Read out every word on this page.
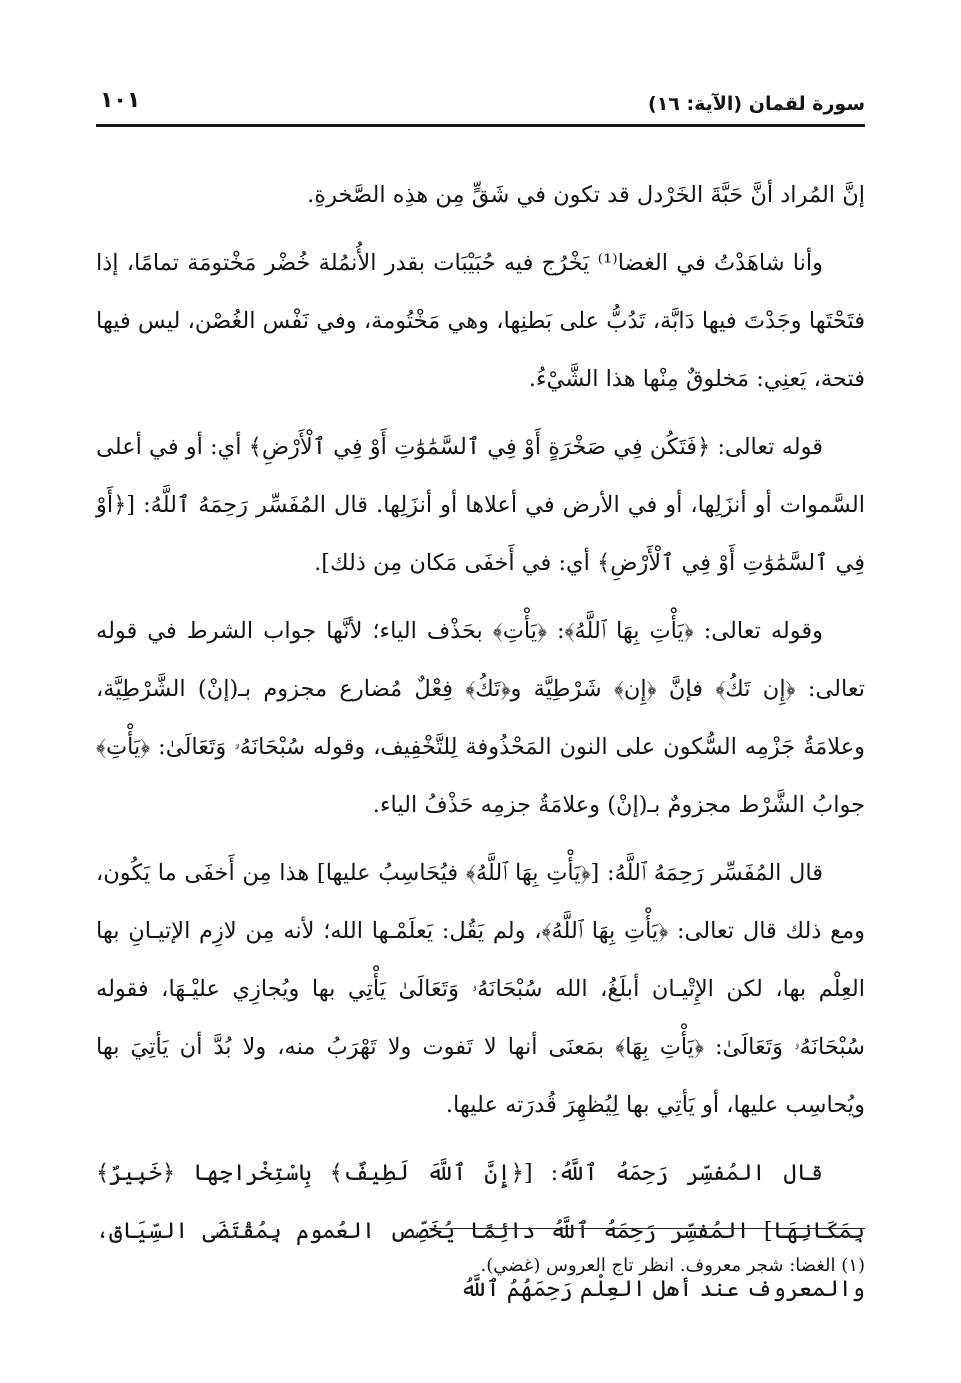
سورة لقمان (الآية: ١٦)
١٠١

إنَّ المُراد أنَّ حَبَّةَ الخَرْدل قد تكون في شَقٍّ مِن هذِه الصَّخرةِ.

وأنا شاهَدْتُ في الغضا⁽¹⁾ يَخْرُج فيه حُبَيْبَات بقدر الأُنمُلة خُضْر مَخْتومَة تمامًا، إذا فتَحْتَها وجَدْتَ فيها دَابَّة، تَدُبُّ على بَطنِها، وهي مَخْتُومة، وفي نَفْس الغُصْن، ليس فيها فتحة، يَعنِي: مَخلوقٌ مِنْها هذا الشَّيْءُ.

قوله تعالى: ﴿فَتَكُن فِي صَخْرَةٍ أَوْ فِي ٱلسَّمَٰوَٰتِ أَوْ فِي ٱلْأَرْضِ﴾ أي: أو في أعلى السَّموات أو أنزَلِها، أو في الأرض في أعلاها أو أنزَلِها. قال المُفَسِّر رَحِمَهُ ٱللَّهُ: [﴿أَوْ فِي ٱلسَّمَٰوَٰتِ أَوْ فِي ٱلْأَرْضِ﴾ أي: في أَخفَى مَكان مِن ذلك].

وقوله تعالى: ﴿يَأْتِ بِهَا ٱللَّهُ﴾: ﴿يَأْتِ﴾ بحَذْف الياء؛ لأنَّها جواب الشرط في قوله تعالى: ﴿إِن تَكُ﴾ فإنَّ ﴿إِن﴾ شَرْطِيَّة و﴿تَكُ﴾ فِعْلٌ مُضارع مجزوم بـ(إنْ) الشَّرْطِيَّة، وعلامَةُ جَزْمِه السُّكون على النون المَحْذُوفة لِلتَّخْفِيف، وقوله سُبْحَانَهُۥ وَتَعَالَىٰ: ﴿يَأْتِ﴾ جوابُ الشَّرْط مجزومٌ بـ(إنْ) وعلامَةُ جزمِه حَذْفُ الياء.

قال المُفَسِّر رَحِمَهُ ٱللَّهُ: [﴿يَأْتِ بِهَا ٱللَّهُ﴾ فيُحَاسِبُ عليها] هذا مِن أَخفَى ما يَكُون، ومع ذلك قال تعالى: ﴿يَأْتِ بِهَا ٱللَّهُ﴾، ولم يَقُل: يَعلَمْـها الله؛ لأنه مِن لازِم الإتيـانِ بها العِلْم بها، لكن الإِتْيـان أبلَغُ، الله سُبْحَانَهُۥ وَتَعَالَىٰ يَأْتِي بها ويُجازِي عليْـهَا، فقوله سُبْحَانَهُۥ وَتَعَالَىٰ: ﴿يَأْتِ بِهَا﴾ بمَعنَى أنها لا تَفوت ولا تَهْرَبُ منه، ولا بُدَّ أن يَأتِيَ بها ويُحاسِب عليها، أو يَأتِي بها لِيُظهِرَ قُدرَته عليها.

قال المُفسِّر رَحِمَهُ ٱللَّهُ: [﴿إِنَّ ٱللَّهَ لَطِيفٌ﴾ بِاسْتِخْراجِها ﴿خَبِيرٌ﴾ بِمَكَانِهَا] المُفسِّر رَحِمَهُ ٱللَّهُ دائِمًا يُخَصِّص العُموم بِمُقْتَضَى السِّيَاق، والمعروف عند أهل العِلْم رَحِمَهُمُ ٱللَّهُ

(١) الغضا: شجر معروف. انظر تاج العروس (غضي).
